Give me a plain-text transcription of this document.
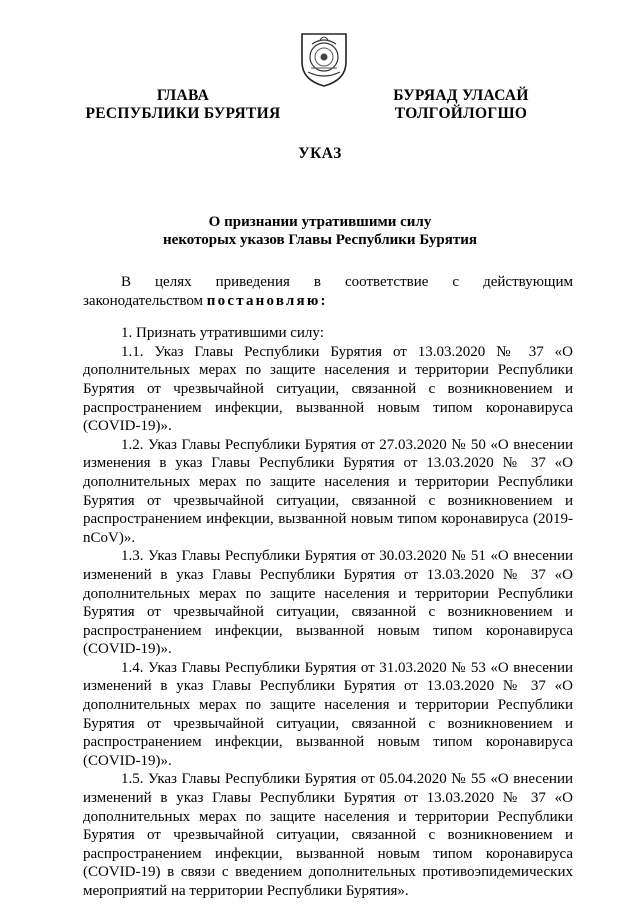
ГЛАВА
РЕСПУБЛИКИ БУРЯТИЯ
БУРЯАД УЛАСАЙ
ТОЛГОЙЛОГШО
УКАЗ
О признании утратившими силу
некоторых указов Главы Республики Бурятия

В целях приведения в соответствие с действующим законодательством постановляю:

1. Признать утратившими силу:

1.1. Указ Главы Республики Бурятия от 13.03.2020 № 37 «О дополнительных мерах по защите населения и территории Республики Бурятия от чрезвычайной ситуации, связанной с возникновением и распространением инфекции, вызванной новым типом коронавируса (COVID-19)».

1.2. Указ Главы Республики Бурятия от 27.03.2020 № 50 «О внесении изменения в указ Главы Республики Бурятия от 13.03.2020 № 37 «О дополнительных мерах по защите населения и территории Республики Бурятия от чрезвычайной ситуации, связанной с возникновением и распространением инфекции, вызванной новым типом коронавируса (2019-nCoV)».

1.3. Указ Главы Республики Бурятия от 30.03.2020 № 51 «О внесении изменений в указ Главы Республики Бурятия от 13.03.2020 № 37 «О дополнительных мерах по защите населения и территории Республики Бурятия от чрезвычайной ситуации, связанной с возникновением и распространением инфекции, вызванной новым типом коронавируса (COVID-19)».

1.4. Указ Главы Республики Бурятия от 31.03.2020 № 53 «О внесении изменений в указ Главы Республики Бурятия от 13.03.2020 № 37 «О дополнительных мерах по защите населения и территории Республики Бурятия от чрезвычайной ситуации, связанной с возникновением и распространением инфекции, вызванной новым типом коронавируса (COVID-19)».

1.5. Указ Главы Республики Бурятия от 05.04.2020 № 55 «О внесении изменений в указ Главы Республики Бурятия от 13.03.2020 № 37 «О дополнительных мерах по защите населения и территории Республики Бурятия от чрезвычайной ситуации, связанной с возникновением и распространением инфекции, вызванной новым типом коронавируса (COVID-19) в связи с введением дополнительных противоэпидемических мероприятий на территории Республики Бурятия».
